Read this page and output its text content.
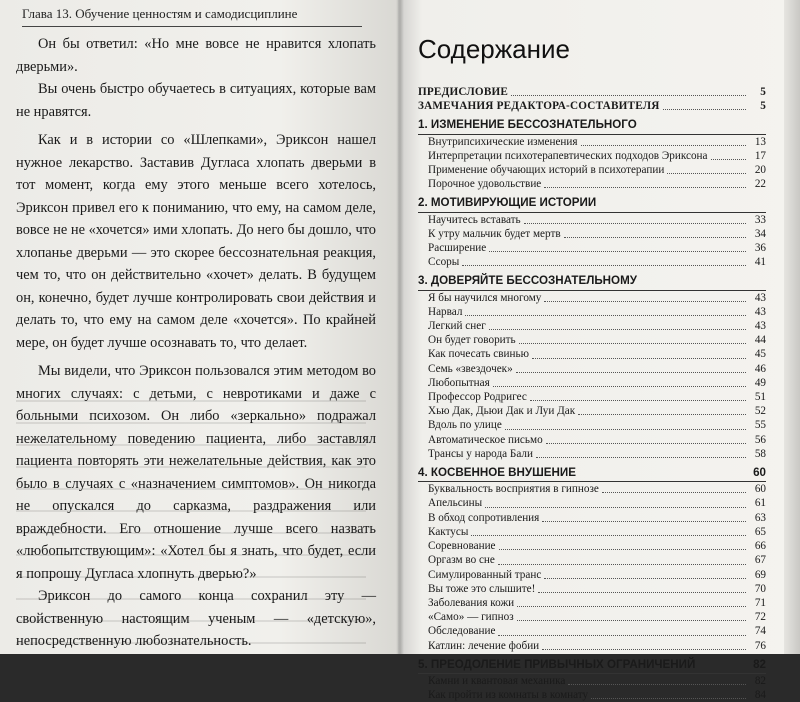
Глава 13. Обучение ценностям и самодисциплине

Он бы ответил: «Но мне вовсе не нравится хлопать дверьми».

Вы очень быстро обучаетесь в ситуациях, которые вам не нравятся.

Как и в истории со «Шлепками», Эриксон нашел нужное лекарство. Заставив Дугласа хлопать дверьми в тот момент, когда ему этого меньше всего хотелось, Эриксон привел его к пониманию, что ему, на самом деле, вовсе не не «хочется» ими хлопать. До него бы дошло, что хлопанье дверьми — это скорее бессознательная реакция, чем то, что он действительно «хочет» делать. В будущем он, конечно, будет лучше контролировать свои действия и делать то, что ему на самом деле «хочется». По крайней мере, он будет лучше осознавать то, что делает.

Мы видели, что Эриксон пользовался этим методом во многих случаях: с детьми, с невротиками и даже с больными психозом. Он либо «зеркально» подражал нежелательному поведению пациента, либо заставлял пациента повторять эти нежелательные действия, как это было в случаях с «назначением симптомов». Он никогда не опускался до сарказма, раздражения или враждебности. Его отношение лучше всего назвать «любопытствующим»: «Хотел бы я знать, что будет, если я попрошу Дугласа хлопнуть дверью?»

Эриксон до самого конца сохранил эту — свойственную настоящим ученым — «детскую», непосредственную любознательность.

Содержание
ПРЕДИСЛОВИЕ	5
ЗАМЕЧАНИЯ РЕДАКТОРА-СОСТАВИТЕЛЯ	5
1. ИЗМЕНЕНИЕ БЕССОЗНАТЕЛЬНОГО
Внутрипсихические изменения	13
Интерпретации психотерапевтических подходов Эриксона	17
Применение обучающих историй в психотерапии	20
Порочное удовольствие	22
2. МОТИВИРУЮЩИЕ ИСТОРИИ
Научитесь вставать	33
К утру мальчик будет мертв	34
Расширение	36
Ссоры	41
3. ДОВЕРЯЙТЕ БЕССОЗНАТЕЛЬНОМУ
Я бы научился многому	43
Нарвал	43
Легкий снег	43
Он будет говорить	44
Как почесать свинью	45
Семь «звездочек»	46
Любопытная	49
Профессор Родригес	51
Хью Дак, Дьюи Дак и Луи Дак	52
Вдоль по улице	55
Автоматическое письмо	56
Трансы у народа Бали	58
4. КОСВЕННОЕ ВНУШЕНИЕ	60
Буквальность восприятия в гипнозе	60
Апельсины	61
В обход сопротивления	63
Кактусы	65
Соревнование	66
Оргазм во сне	67
Симулированный транс	69
Вы тоже это слышите!	70
Заболевания кожи	71
«Само» — гипноз	72
Обследование	74
Катлин: лечение фобии	76
5. ПРЕОДОЛЕНИЕ ПРИВЫЧНЫХ ОГРАНИЧЕНИЙ	82
Камни и квантовая механика	82
Как пройти из комнаты в комнату	84
